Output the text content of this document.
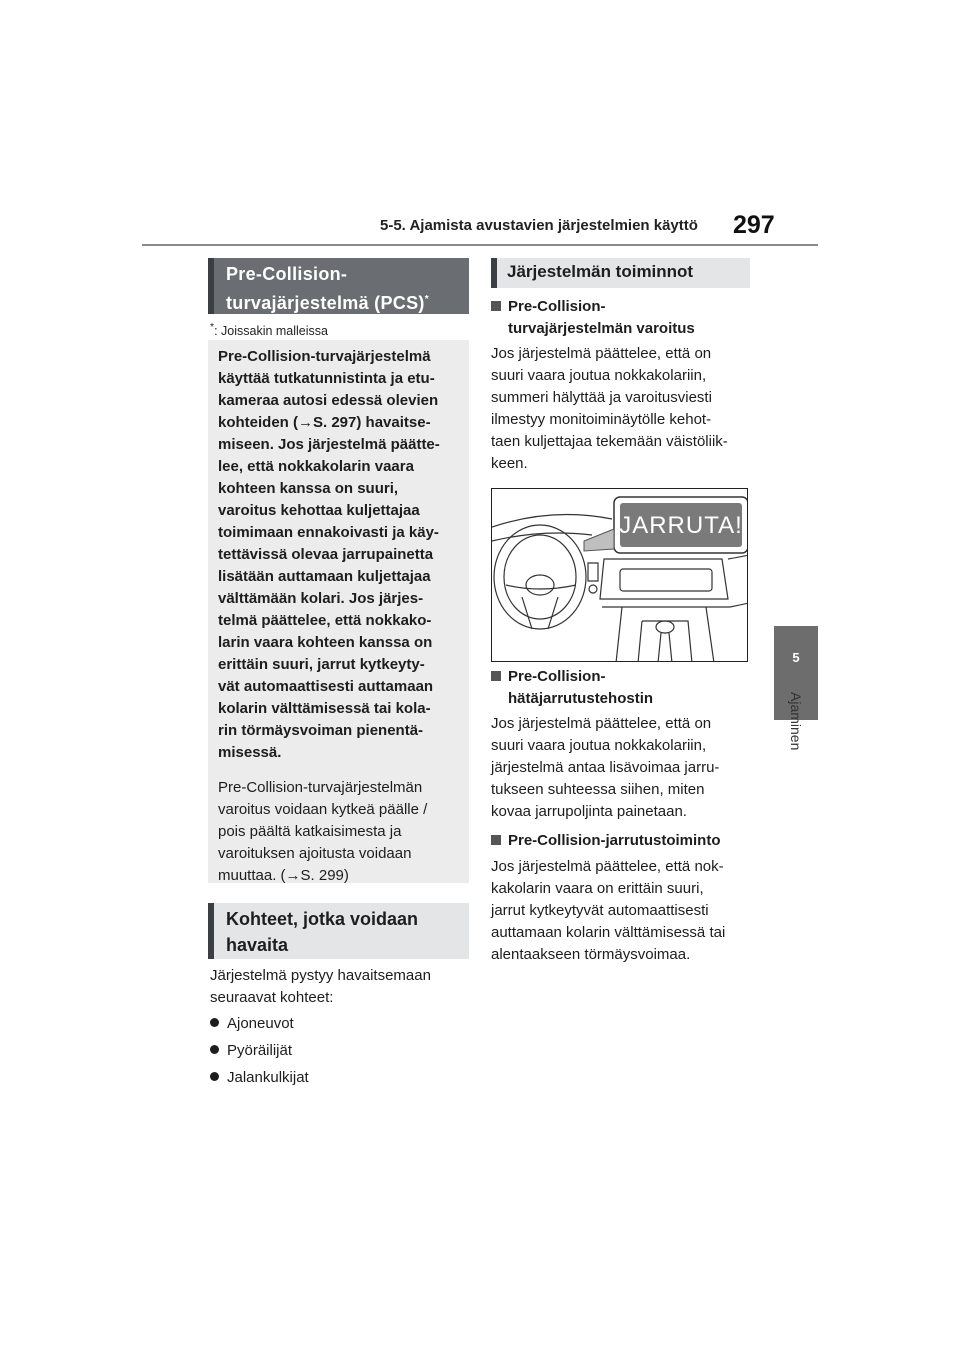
5-5. Ajamista avustavien järjestelmien käyttö 297
5
Ajaminen
Pre-Collision-
turvajärjestelmä (PCS)*
*: Joissakin malleissa

Pre-Collision-turvajärjestelmä
käyttää tutkatunnistinta ja etu-
kameraa autosi edessä olevien
kohteiden (→S. 297) havaitse-
miseen. Jos järjestelmä päätte-
lee, että nokkakolarin vaara
kohteen kanssa on suuri,
varoitus kehottaa kuljettajaa
toimimaan ennakoivasti ja käy-
tettävissä olevaa jarrupainetta
lisätään auttamaan kuljettajaa
välttämään kolari. Jos järjes-
telmä päättelee, että nokkako-
larin vaara kohteen kanssa on
erittäin suuri, jarrut kytkeyty-
vät automaattisesti auttamaan
kolarin välttämisessä tai kola-
rin törmäysvoiman pienentä-
misessä.

Pre-Collision-turvajärjestelmän
varoitus voidaan kytkeä päälle /
pois päältä katkaisimesta ja
varoituksen ajoitusta voidaan
muuttaa. (→S. 299)

Kohteet, jotka voidaan
havaita

Järjestelmä pystyy havaitsemaan
seuraavat kohteet:

Ajoneuvot
Pyöräilijät
Jalankulkijat
Järjestelmän toiminnot

Pre-Collision-
turvajärjestelmän varoitus

Jos järjestelmä päättelee, että on
suuri vaara joutua nokkakolariin,
summeri hälyttää ja varoitusviesti
ilmestyy monitoiminäytölle kehot-
taen kuljettajaa tekemään väistöliik-
keen.

JARRUTA!

Pre-Collision-
hätäjarrutustehostin

Jos järjestelmä päättelee, että on
suuri vaara joutua nokkakolariin,
järjestelmä antaa lisävoimaa jarru-
tukseen suhteessa siihen, miten
kovaa jarrupoljinta painetaan.

Pre-Collision-jarrutustoiminto

Jos järjestelmä päättelee, että nok-
kakolarin vaara on erittäin suuri,
jarrut kytkeytyvät automaattisesti
auttamaan kolarin välttämisessä tai
alentaakseen törmäysvoimaa.
